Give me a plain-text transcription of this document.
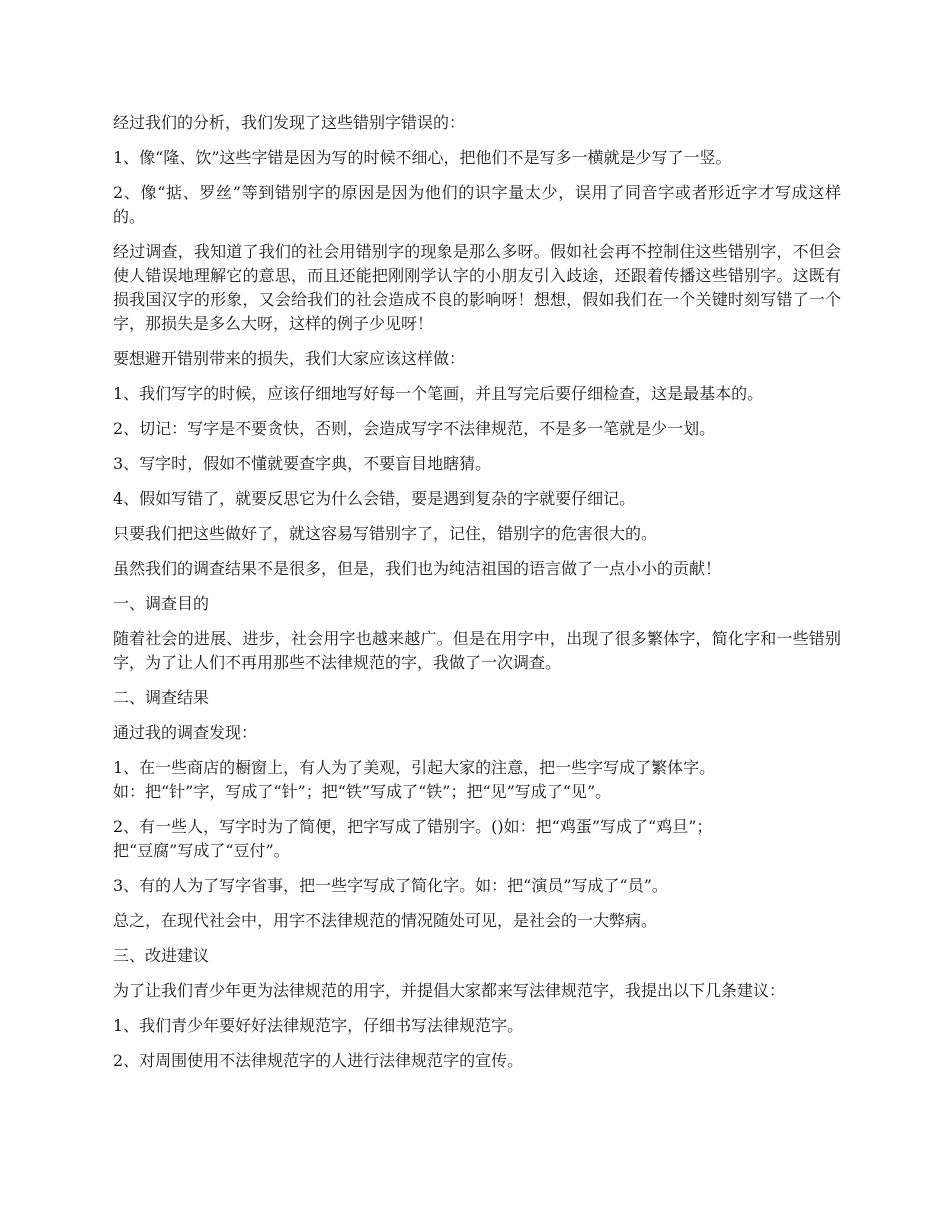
经过我们的分析，我们发现了这些错别字错误的：

1、像“隆、饮”这些字错是因为写的时候不细心，把他们不是写多一横就是少写了一竖。

2、像“掂、罗丝”等到错别字的原因是因为他们的识字量太少，误用了同音字或者形近字才写成这样的。

经过调查，我知道了我们的社会用错别字的现象是那么多呀。假如社会再不控制住这些错别字，不但会使人错误地理解它的意思，而且还能把刚刚学认字的小朋友引入歧途，还跟着传播这些错别字。这既有损我国汉字的形象，又会给我们的社会造成不良的影响呀！想想，假如我们在一个关键时刻写错了一个字，那损失是多么大呀，这样的例子少见呀！

要想避开错别带来的损失，我们大家应该这样做：

1、我们写字的时候，应该仔细地写好每一个笔画，并且写完后要仔细检查，这是最基本的。

2、切记：写字是不要贪快，否则，会造成写字不法律规范，不是多一笔就是少一划。

3、写字时，假如不懂就要查字典，不要盲目地瞎猜。

4、假如写错了，就要反思它为什么会错，要是遇到复杂的字就要仔细记。

只要我们把这些做好了，就这容易写错别字了，记住，错别字的危害很大的。

虽然我们的调查结果不是很多，但是，我们也为纯洁祖国的语言做了一点小小的贡献！

一、调查目的

随着社会的进展、进步，社会用字也越来越广。但是在用字中，出现了很多繁体字，简化字和一些错别字，为了让人们不再用那些不法律规范的字，我做了一次调查。

二、调查结果

通过我的调查发现：

1、在一些商店的橱窗上，有人为了美观，引起大家的注意，把一些字写成了繁体字。
如：把“针”字，写成了“针”；把“铁”写成了“铁”；把“见”写成了“见”。

2、有一些人，写字时为了简便，把字写成了错别字。()如：把“鸡蛋”写成了“鸡旦”；
把“豆腐”写成了“豆付”。

3、有的人为了写字省事，把一些字写成了简化字。如：把“演员”写成了“员”。

总之，在现代社会中，用字不法律规范的情况随处可见，是社会的一大弊病。

三、改进建议

为了让我们青少年更为法律规范的用字，并提倡大家都来写法律规范字，我提出以下几条建议：

1、我们青少年要好好法律规范字，仔细书写法律规范字。

2、对周围使用不法律规范字的人进行法律规范字的宣传。
